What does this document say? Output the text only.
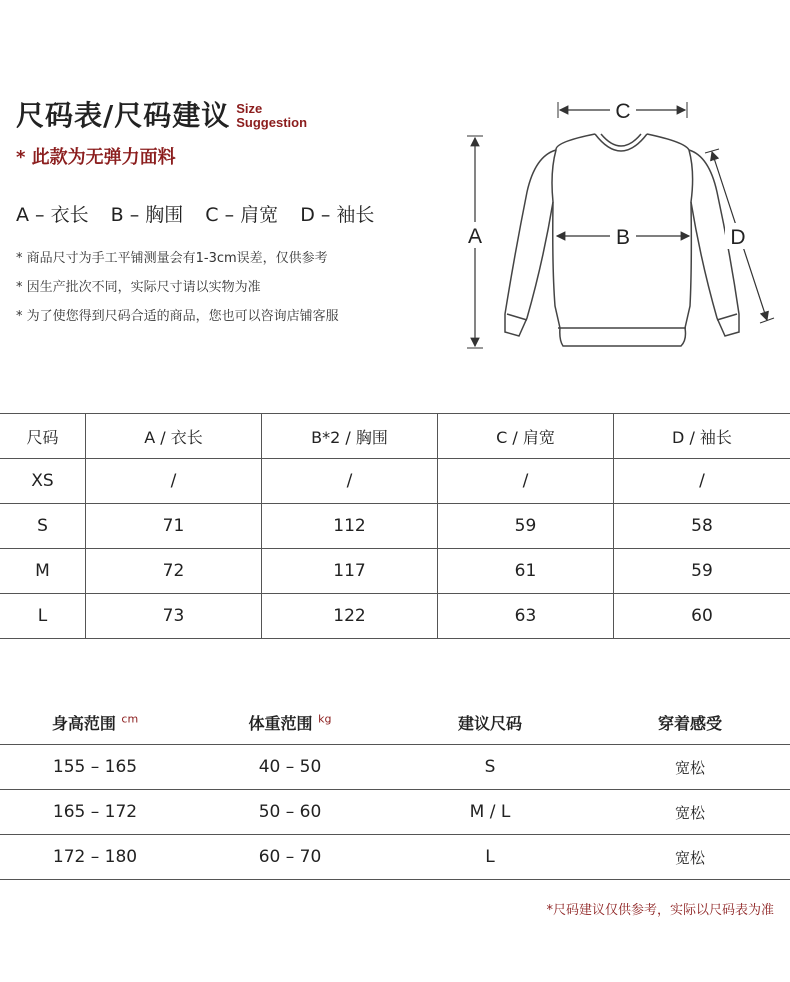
尺码表/尺码建议 Size
Suggestion
* 此款为无弹力面料
A – 衣长 B – 胸围 C – 肩宽 D – 袖长
* 商品尺寸为手工平铺测量会有1-3cm误差，仅供参考
* 因生产批次不同，实际尺寸请以实物为准
* 为了使您得到尺码合适的商品，您也可以咨询店铺客服
A
C
B	D
尺码	A / 衣长	B*2 / 胸围	C / 肩宽	D / 袖长
XS	/	/	/	/
S	71	112	59	58
M	72	117	61	59
L	73	122	63	60
身高范围 $^{cm}$	体重范围 $^{kg}$	建议尺码	穿着感受
155 – 165	40 – 50	S	宽松
165 – 172	50 – 60	M / L	宽松
172 – 180	60 – 70	L	宽松
*尺码建议仅供参考，实际以尺码表为准
